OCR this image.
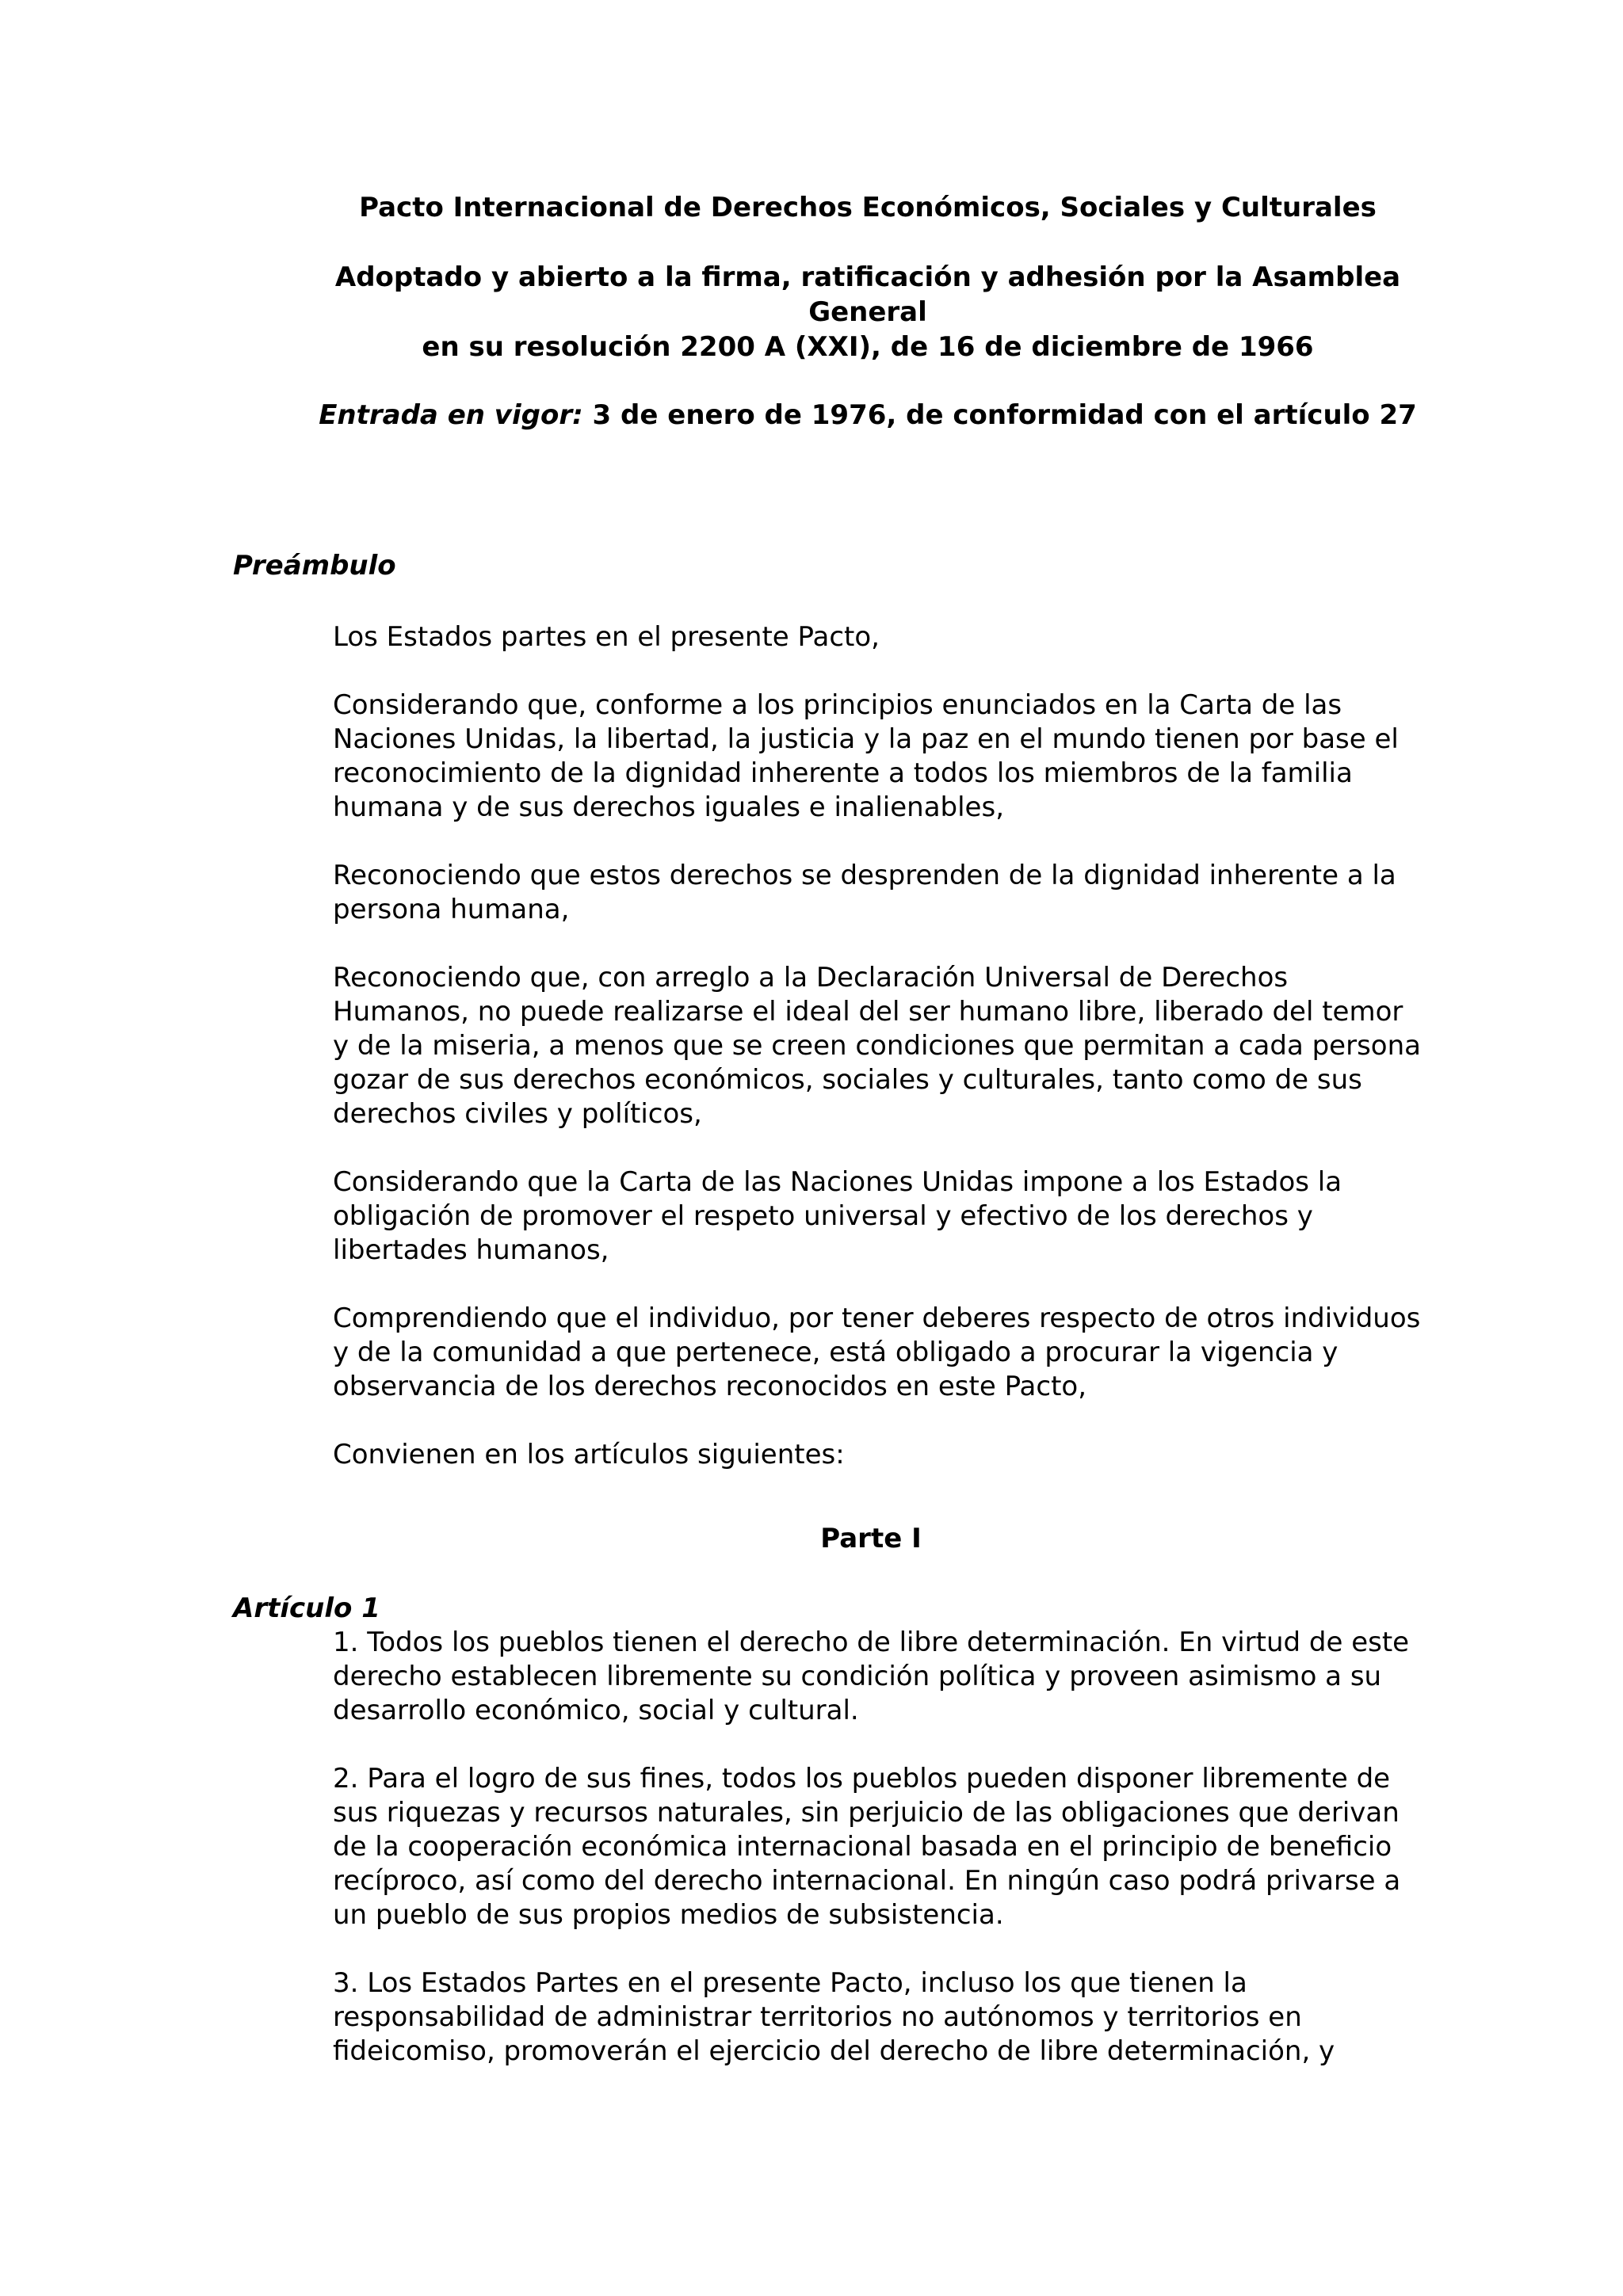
Pacto Internacional de Derechos Económicos, Sociales y Culturales

Adoptado y abierto a la firma, ratificación y adhesión por la Asamblea General

en su resolución 2200 A (XXI), de 16 de diciembre de 1966

Entrada en vigor: 3 de enero de 1976, de conformidad con el artículo 27

Preámbulo

Los Estados partes en el presente Pacto,

Considerando que, conforme a los principios enunciados en la Carta de las Naciones Unidas, la libertad, la justicia y la paz en el mundo tienen por base el reconocimiento de la dignidad inherente a todos los miembros de la familia humana y de sus derechos iguales e inalienables,

Reconociendo que estos derechos se desprenden de la dignidad inherente a la persona humana,

Reconociendo que, con arreglo a la Declaración Universal de Derechos Humanos, no puede realizarse el ideal del ser humano libre, liberado del temor y de la miseria, a menos que se creen condiciones que permitan a cada persona gozar de sus derechos económicos, sociales y culturales, tanto como de sus derechos civiles y políticos,

Considerando que la Carta de las Naciones Unidas impone a los Estados la obligación de promover el respeto universal y efectivo de los derechos y libertades humanos,

Comprendiendo que el individuo, por tener deberes respecto de otros individuos y de la comunidad a que pertenece, está obligado a procurar la vigencia y observancia de los derechos reconocidos en este Pacto,

Convienen en los artículos siguientes:

Parte I
Artículo 1

1. Todos los pueblos tienen el derecho de libre determinación. En virtud de este derecho establecen libremente su condición política y proveen asimismo a su desarrollo económico, social y cultural.

2. Para el logro de sus fines, todos los pueblos pueden disponer libremente de sus riquezas y recursos naturales, sin perjuicio de las obligaciones que derivan de la cooperación económica internacional basada en el principio de beneficio recíproco, así como del derecho internacional. En ningún caso podrá privarse a un pueblo de sus propios medios de subsistencia.

3. Los Estados Partes en el presente Pacto, incluso los que tienen la responsabilidad de administrar territorios no autónomos y territorios en fideicomiso, promoverán el ejercicio del derecho de libre determinación, y
